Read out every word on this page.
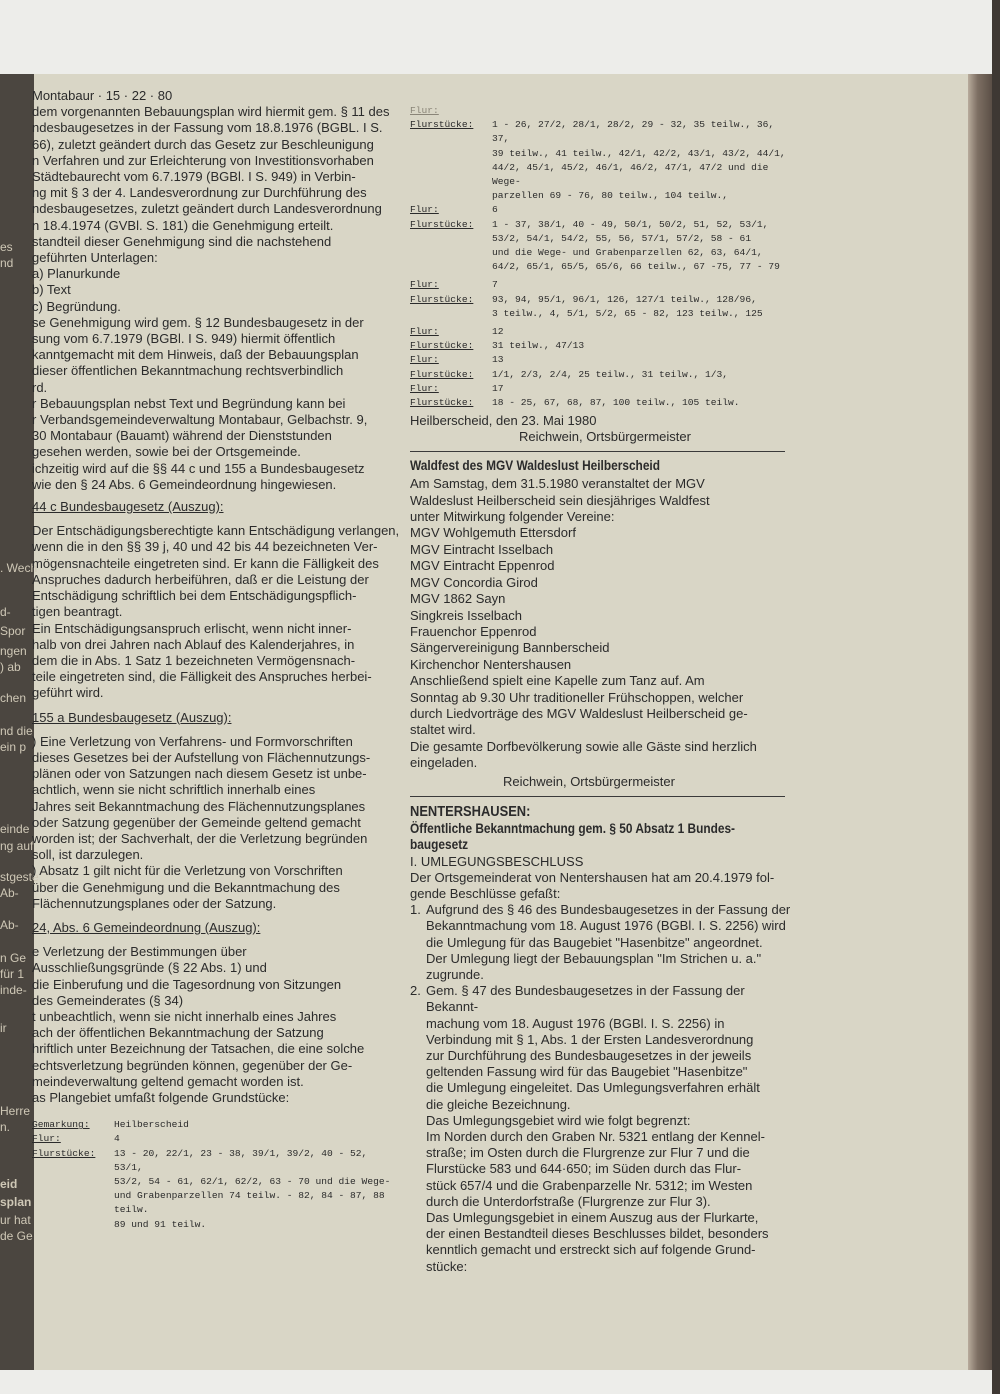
es
nd
. Wech
d-
Spor
ngen
) ab
chen
nd die
ein p
einde
ng auf
stgeste
Ab-
Ab-
n Ge
für 1
inde-
ir
Herre
n.
eid
splan
ur hat
de Ge

Montabaur · 15 · 22 · 80

dem vorgenannten Bebauungsplan wird hiermit gem. § 11 des
ndesbaugesetzes in der Fassung vom 18.8.1976 (BGBL. I S.
66), zuletzt geändert durch das Gesetz zur Beschleunigung
n Verfahren und zur Erleichterung von Investitionsvorhaben
Städtebaurecht vom 6.7.1979 (BGBl. I S. 949) in Verbin-
ng mit § 3 der 4. Landesverordnung zur Durchführung des
ndesbaugesetzes, zuletzt geändert durch Landesverordnung
n 18.4.1974 (GVBl. S. 181) die Genehmigung erteilt.
standteil dieser Genehmigung sind die nachstehend
geführten Unterlagen:
a) Planurkunde
b) Text
c) Begründung.
se Genehmigung wird gem. § 12 Bundesbaugesetz in der
sung vom 6.7.1979 (BGBl. I S. 949) hiermit öffentlich
kanntgemacht mit dem Hinweis, daß der Bebauungsplan
dieser öffentlichen Bekanntmachung rechtsverbindlich
rd.
r Bebauungsplan nebst Text und Begründung kann bei
r Verbandsgemeindeverwaltung Montabaur, Gelbachstr. 9,
30 Montabaur (Bauamt) während der Dienststunden
gesehen werden, sowie bei der Ortsgemeinde.
ichzeitig wird auf die §§ 44 c und 155 a Bundesbaugesetz
wie den § 24 Abs. 6 Gemeindeordnung hingewiesen.

44 c Bundesbaugesetz (Auszug):

Der Entschädigungsberechtigte kann Entschädigung verlangen,
wenn die in den §§ 39 j, 40 und 42 bis 44 bezeichneten Ver-
mögensnachteile eingetreten sind. Er kann die Fälligkeit des
Anspruches dadurch herbeiführen, daß er die Leistung der
Entschädigung schriftlich bei dem Entschädigungspflich-
tigen beantragt.
Ein Entschädigungsanspruch erlischt, wenn nicht inner-
halb von drei Jahren nach Ablauf des Kalenderjahres, in
dem die in Abs. 1 Satz 1 bezeichneten Vermögensnach-
teile eingetreten sind, die Fälligkeit des Anspruches herbei-
geführt wird.

155 a Bundesbaugesetz (Auszug):

) Eine Verletzung von Verfahrens- und Formvorschriften
dieses Gesetzes bei der Aufstellung von Flächennutzungs-
plänen oder von Satzungen nach diesem Gesetz ist unbe-
achtlich, wenn sie nicht schriftlich innerhalb eines
Jahres seit Bekanntmachung des Flächennutzungsplanes
oder Satzung gegenüber der Gemeinde geltend gemacht
worden ist; der Sachverhalt, der die Verletzung begründen
soll, ist darzulegen.
) Absatz 1 gilt nicht für die Verletzung von Vorschriften
über die Genehmigung und die Bekanntmachung des
Flächennutzungsplanes oder der Satzung.

24, Abs. 6 Gemeindeordnung (Auszug):

e Verletzung der Bestimmungen über
Ausschließungsgründe (§ 22 Abs. 1) und
die Einberufung und die Tagesordnung von Sitzungen
des Gemeinderates (§ 34)
t unbeachtlich, wenn sie nicht innerhalb eines Jahres
ach der öffentlichen Bekanntmachung der Satzung
hriftlich unter Bezeichnung der Tatsachen, die eine solche
echtsverletzung begründen können, gegenüber der Ge-
meindeverwaltung geltend gemacht worden ist.
as Plangebiet umfaßt folgende Grundstücke:

Gemarkung:	Heilberscheid
Flur:	4
Flurstücke:	13 - 20, 22/1, 23 - 38, 39/1, 39/2, 40 - 52, 53/1,
53/2, 54 - 61, 62/1, 62/2, 63 - 70 und die Wege-
und Grabenparzellen 74 teilw. - 82, 84 - 87, 88 teilw.
89 und 91 teilw.
Flur:
Flurstücke:	1 - 26, 27/2, 28/1, 28/2, 29 - 32, 35 teilw., 36, 37,
39 teilw., 41 teilw., 42/1, 42/2, 43/1, 43/2, 44/1,
44/2, 45/1, 45/2, 46/1, 46/2, 47/1, 47/2 und die Wege-
parzellen 69 - 76, 80 teilw., 104 teilw.,
Flur:	6
Flurstücke:	1 - 37, 38/1, 40 - 49, 50/1, 50/2, 51, 52, 53/1,
53/2, 54/1, 54/2, 55, 56, 57/1, 57/2, 58 - 61
und die Wege- und Grabenparzellen 62, 63, 64/1,
64/2, 65/1, 65/5, 65/6, 66 teilw., 67 -75, 77 - 79
Flur:	7
Flurstücke:	93, 94, 95/1, 96/1, 126, 127/1 teilw., 128/96,
3 teilw., 4, 5/1, 5/2, 65 - 82, 123 teilw., 125
Flur:	12
Flurstücke:	31 teilw., 47/13
Flur:	13
Flurstücke:	1/1, 2/3, 2/4, 25 teilw., 31 teilw., 1/3,
Flur:	17
Flurstücke:	18 - 25, 67, 68, 87, 100 teilw., 105 teilw.

Heilberscheid, den 23. Mai 1980

Reichwein, Ortsbürgermeister

Waldfest des MGV Waldeslust Heilberscheid

Am Samstag, dem 31.5.1980 veranstaltet der MGV
Waldeslust Heilberscheid sein diesjähriges Waldfest
unter Mitwirkung folgender Vereine:
MGV Wohlgemuth Ettersdorf
MGV Eintracht Isselbach
MGV Eintracht Eppenrod
MGV Concordia Girod
MGV 1862 Sayn
Singkreis Isselbach
Frauenchor Eppenrod
Sängervereinigung Bannberscheid
Kirchenchor Nentershausen
Anschließend spielt eine Kapelle zum Tanz auf. Am
Sonntag ab 9.30 Uhr traditioneller Frühschoppen, welcher
durch Liedvorträge des MGV Waldeslust Heilberscheid ge-
staltet wird.
Die gesamte Dorfbevölkerung sowie alle Gäste sind herzlich
eingeladen.

Reichwein, Ortsbürgermeister

NENTERSHAUSEN:

Öffentliche Bekanntmachung gem. § 50 Absatz 1 Bundes-

baugesetz

I. UMLEGUNGSBESCHLUSS

Der Ortsgemeinderat von Nentershausen hat am 20.4.1979 fol-
gende Beschlüsse gefaßt:

1. Aufgrund des § 46 des Bundesbaugesetzes in der Fassung der
Bekanntmachung vom 18. August 1976 (BGBl. I. S. 2256) wird
die Umlegung für das Baugebiet "Hasenbitze" angeordnet.
Der Umlegung liegt der Bebauungsplan "Im Strichen u. a."
zugrunde.
2. Gem. § 47 des Bundesbaugesetzes in der Fassung der Bekannt-
machung vom 18. August 1976 (BGBl. I. S. 2256) in
Verbindung mit § 1, Abs. 1 der Ersten Landesverordnung
zur Durchführung des Bundesbaugesetzes in der jeweils
geltenden Fassung wird für das Baugebiet "Hasenbitze"
die Umlegung eingeleitet. Das Umlegungsverfahren erhält
die gleiche Bezeichnung.
Das Umlegungsgebiet wird wie folgt begrenzt:
Im Norden durch den Graben Nr. 5321 entlang der Kennel-
straße; im Osten durch die Flurgrenze zur Flur 7 und die
Flurstücke 583 und 644·650; im Süden durch das Flur-
stück 657/4 und die Grabenparzelle Nr. 5312; im Westen
durch die Unterdorfstraße (Flurgrenze zur Flur 3).
Das Umlegungsgebiet in einem Auszug aus der Flurkarte,
der einen Bestandteil dieses Beschlusses bildet, besonders
kenntlich gemacht und erstreckt sich auf folgende Grund-
stücke:
